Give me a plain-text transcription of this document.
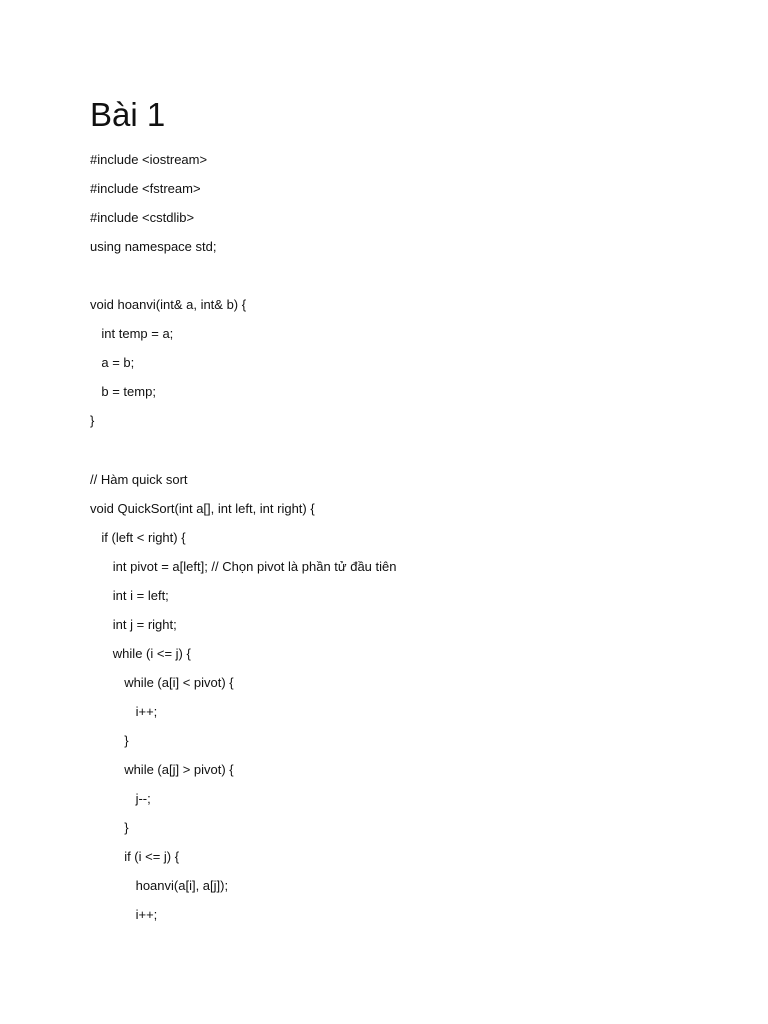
Bài 1
#include <iostream>
#include <fstream>
#include <cstdlib>
using namespace std;
void hoanvi(int& a, int& b) {
int temp = a;
a = b;
b = temp;
}
// Hàm quick sort
void QuickSort(int a[], int left, int right) {
if (left < right) {
int pivot = a[left]; // Chọn pivot là phần tử đầu tiên
int i = left;
int j = right;
while (i <= j) {
while (a[i] < pivot) {
i++;
}
while (a[j] > pivot) {
j--;
}
if (i <= j) {
hoanvi(a[i], a[j]);
i++;
